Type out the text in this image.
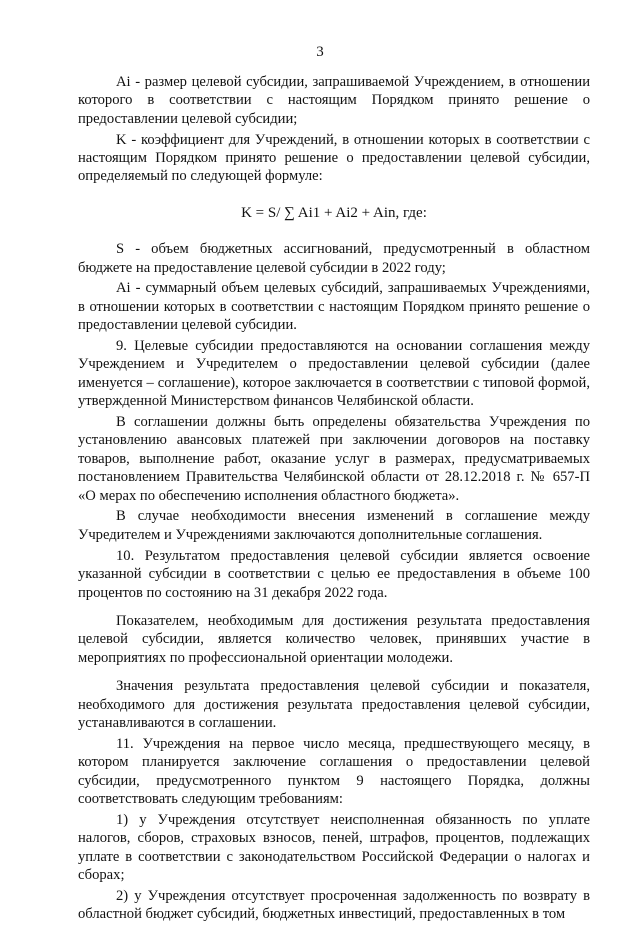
3

Ai - размер целевой субсидии, запрашиваемой Учреждением, в отношении которого в соответствии с настоящим Порядком принято решение о предоставлении целевой субсидии;

K - коэффициент для Учреждений, в отношении которых в соответствии с настоящим Порядком принято решение о предоставлении целевой субсидии, определяемый по следующей формуле:

K = S/ ∑ Ai1 + Ai2 + Ain, где:

S - объем бюджетных ассигнований, предусмотренный в областном бюджете на предоставление целевой субсидии в 2022 году;

Ai - суммарный объем целевых субсидий, запрашиваемых Учреждениями, в отношении которых в соответствии с настоящим Порядком принято решение о предоставлении целевой субсидии.

9. Целевые субсидии предоставляются на основании соглашения между Учреждением и Учредителем о предоставлении целевой субсидии (далее именуется – соглашение), которое заключается в соответствии с типовой формой, утвержденной Министерством финансов Челябинской области.

В соглашении должны быть определены обязательства Учреждения по установлению авансовых платежей при заключении договоров на поставку товаров, выполнение работ, оказание услуг в размерах, предусматриваемых постановлением Правительства Челябинской области от 28.12.2018 г. № 657-П «О мерах по обеспечению исполнения областного бюджета».

В случае необходимости внесения изменений в соглашение между Учредителем и Учреждениями заключаются дополнительные соглашения.

10. Результатом предоставления целевой субсидии является освоение указанной субсидии в соответствии с целью ее предоставления в объеме 100 процентов по состоянию на 31 декабря 2022 года.

Показателем, необходимым для достижения результата предоставления целевой субсидии, является количество человек, принявших участие в мероприятиях по профессиональной ориентации молодежи.

Значения результата предоставления целевой субсидии и показателя, необходимого для достижения результата предоставления целевой субсидии, устанавливаются в соглашении.

11. Учреждения на первое число месяца, предшествующего месяцу, в котором планируется заключение соглашения о предоставлении целевой субсидии, предусмотренного пунктом 9 настоящего Порядка, должны соответствовать следующим требованиям:

1) у Учреждения отсутствует неисполненная обязанность по уплате налогов, сборов, страховых взносов, пеней, штрафов, процентов, подлежащих уплате в соответствии с законодательством Российской Федерации о налогах и сборах;

2) у Учреждения отсутствует просроченная задолженность по возврату в областной бюджет субсидий, бюджетных инвестиций, предоставленных в том
